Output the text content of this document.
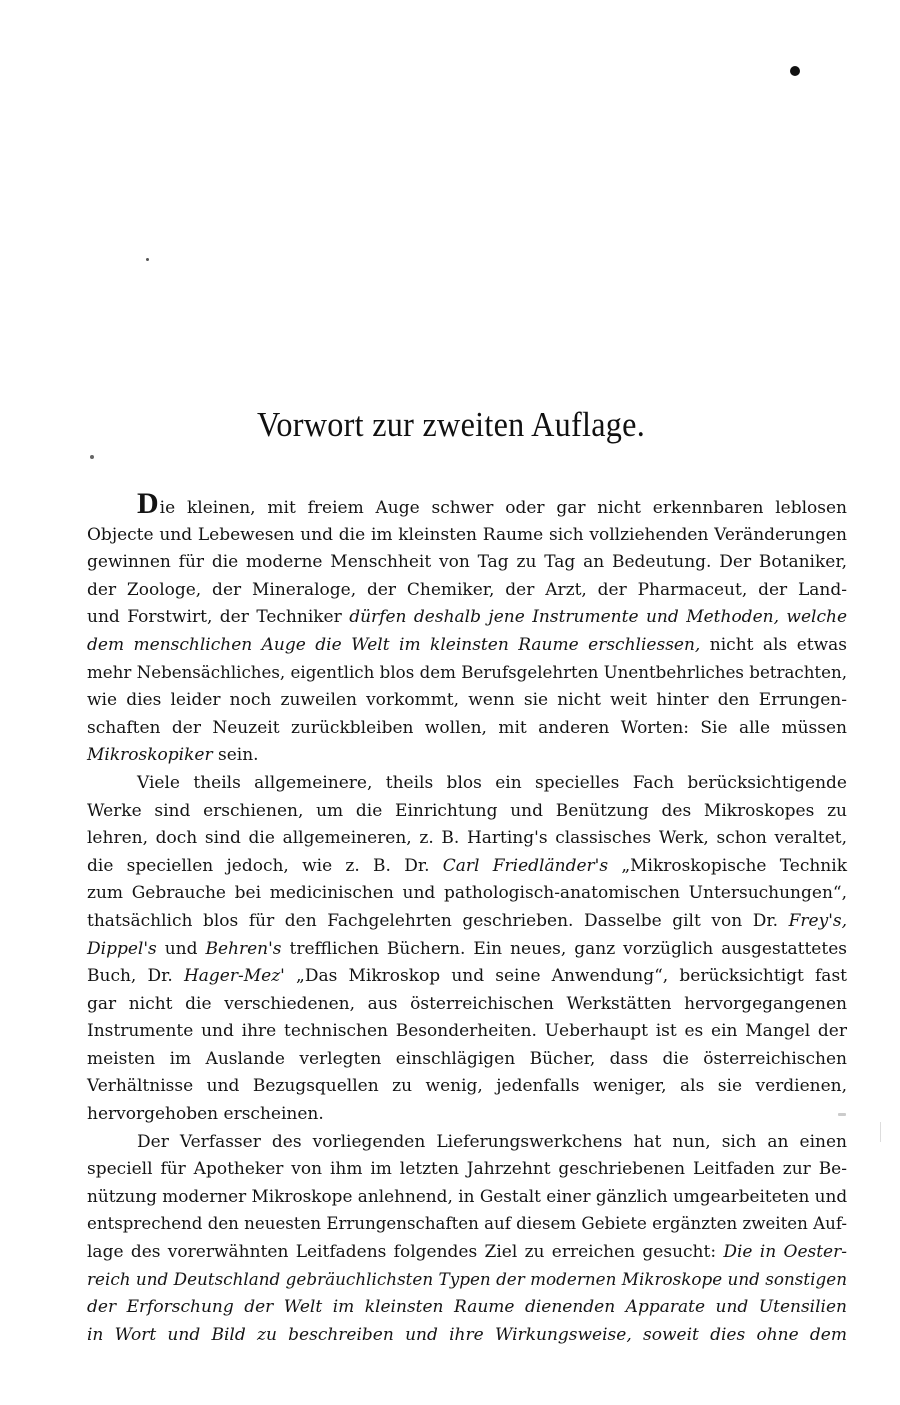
Vorwort zur zweiten Auflage.
Die kleinen, mit freiem Auge schwer oder gar nicht erkennbaren leblosen
Objecte und Lebewesen und die im kleinsten Raume sich vollziehenden Veränderungen
gewinnen für die moderne Menschheit von Tag zu Tag an Bedeutung. Der Botaniker,
der Zoologe, der Mineraloge, der Chemiker, der Arzt, der Pharmaceut, der Land-
und Forstwirt, der Techniker dürfen deshalb jene Instrumente und Methoden, welche
dem menschlichen Auge die Welt im kleinsten Raume erschliessen, nicht als etwas
mehr Nebensächliches, eigentlich blos dem Berufsgelehrten Unentbehrliches betrachten,
wie dies leider noch zuweilen vorkommt, wenn sie nicht weit hinter den Errungen-
schaften der Neuzeit zurückbleiben wollen, mit anderen Worten: Sie alle müssen
Mikroskopiker sein.
Viele theils allgemeinere, theils blos ein specielles Fach berücksichtigende
Werke sind erschienen, um die Einrichtung und Benützung des Mikroskopes zu
lehren, doch sind die allgemeineren, z. B. Harting's classisches Werk, schon veraltet,
die speciellen jedoch, wie z. B. Dr. Carl Friedländer's „Mikroskopische Technik
zum Gebrauche bei medicinischen und pathologisch-anatomischen Untersuchungen“,
thatsächlich blos für den Fachgelehrten geschrieben. Dasselbe gilt von Dr. Frey's,
Dippel's und Behren's trefflichen Büchern. Ein neues, ganz vorzüglich ausgestattetes
Buch, Dr. Hager-Mez' „Das Mikroskop und seine Anwendung“, berücksichtigt fast
gar nicht die verschiedenen, aus österreichischen Werkstätten hervorgegangenen
Instrumente und ihre technischen Besonderheiten. Ueberhaupt ist es ein Mangel der
meisten im Auslande verlegten einschlägigen Bücher, dass die österreichischen
Verhältnisse und Bezugsquellen zu wenig, jedenfalls weniger, als sie verdienen,
hervorgehoben erscheinen.
Der Verfasser des vorliegenden Lieferungswerkchens hat nun, sich an einen
speciell für Apotheker von ihm im letzten Jahrzehnt geschriebenen Leitfaden zur Be-
nützung moderner Mikroskope anlehnend, in Gestalt einer gänzlich umgearbeiteten und
entsprechend den neuesten Errungenschaften auf diesem Gebiete ergänzten zweiten Auf-
lage des vorerwähnten Leitfadens folgendes Ziel zu erreichen gesucht: Die in Oester-
reich und Deutschland gebräuchlichsten Typen der modernen Mikroskope und sonstigen
der Erforschung der Welt im kleinsten Raume dienenden Apparate und Utensilien
in Wort und Bild zu beschreiben und ihre Wirkungsweise, soweit dies ohne dem
